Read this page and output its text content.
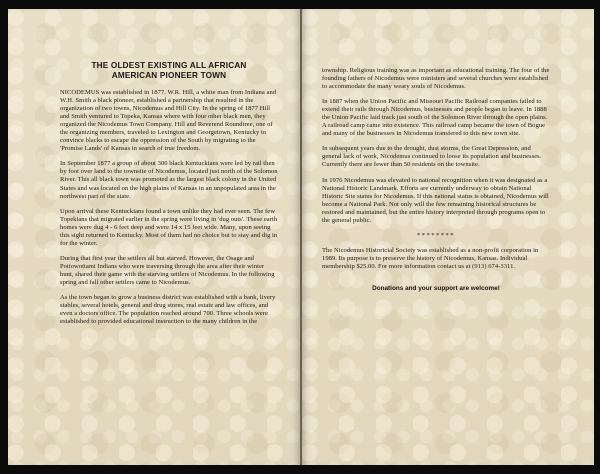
THE OLDEST EXISTING ALL AFRICAN
AMERICAN PIONEER TOWN

NICODEMUS was established in 1877. W.R. Hill, a white man from Indiana and W.H. Smith a black pioneer, established a partnership that resulted in the organization of two towns, Nicodemus and Hill City. In the spring of 1877 Hill and Smith ventured to Topeka, Kansas where with four other black men, they organized the Nicodemus Town Company. Hill and Reverend Roundtree, one of the organizing members, traveled to Lexington and Georgetown, Kentucky to convince blacks to escape the oppression of the South by migrating to the 'Promise Lands' of Kansas in search of true freedom.

In September 1877 a group of about 300 black Kentuckians were led by rail then by foot over land to the townsite of Nicodemus, located just north of the Solomon River. This all black town was promoted as the largest black colony in the United States and was located on the high plains of Kansas in an unpopulated area in the northwest part of the state.

Upon arrival these Kentuckians found a town unlike they had ever seen. The few Topekians that migrated earlier in the spring were living in 'dug outs'. These earth homes were dug 4 - 6 feet deep and were 14 x 15 feet wide. Many, upon seeing this sight returned to Kentucky. Most of them had no choice but to stay and dig in for the winter.

During that first year the settlers all but starved. However, the Osage and Pottowottami Indians who were traversing through the area after their winter hunt, shared their game with the starving settlers of Nicodemus. In the following spring and fall other settlers came to Nicodemus.

As the town began to grow a business district was established with a bank, livery stables, several hotels, general and drug stores, real estate and law offices, and even a doctors office. The population reached around 700. Three schools were established to provided educational instruction to the many children in the

township. Religious training was as important as educational training. The four of the founding fathers of Nicodemus were ministers and several churches were established to accommodate the many weary souls of Nicodemus.

In 1887 when the Union Pacific and Missouri Pacific Railroad companies failed to extend their rails through Nicodemus, businesses and people began to leave. In 1888 the Union Pacific laid track just south of the Solomon River through the open plains. A railroad camp came into existence. This railroad camp became the town of Bogue and many of the businesses in Nicodemus transfered to this new town site.

In subsequent years due to the drought, dust storms, the Great Depression, and general lack of work, Nicodemus continued to loose its population and businesses. Currently there are fewer than 50 residents on the townsite.

In 1976 Nicodemus was elevated to national recognition when it was designated as a National Historic Landmark. Efforts are currently underway to obtain National Historic Site status for Nicodemus. If this national status is obtained, Nicodemus will become a National Park. Not only will the few remaining historical structures be restored and maintained, but the entire history interpreted through programs open to the general public.

********

The Nicodemus Historicial Society was established as a non-profit corporation in 1989. Its purpose is to preserve the history of Nicodemus, Kansas. Individual membership $25.00. For more information contact us at (913) 674-3311.

Donations and your support are welcome!
